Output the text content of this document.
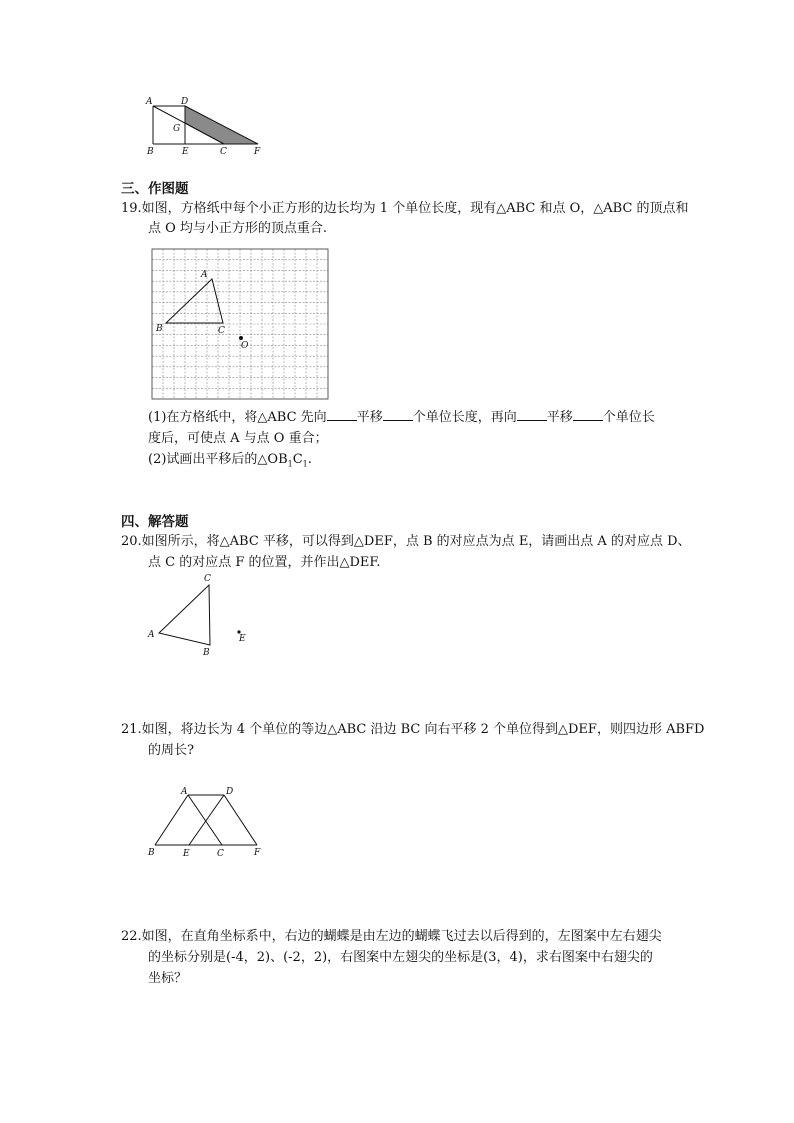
A	D
G
B	E	C	F
三、作图题
19.如图，方格纸中每个小正方形的边长均为 1 个单位长度，现有△ABC 和点 O，△ABC 的顶点和
点 O 均与小正方形的顶点重合.
A
B	C
O
(1)在方格纸中，将△ABC 先向 平移 个单位长度，再向 平移 个单位长
度后，可使点 A 与点 O 重合；
(2)试画出平移后的$\triangle OB_1C_1$.
四、解答题
20.如图所示，将△ABC 平移，可以得到△DEF，点 B 的对应点为点 E，请画出点 A 的对应点 D、
点 C 的对应点 F 的位置，并作出△DEF.
A
B
C
E
21.如图，将边长为 4 个单位的等边△ABC 沿边 BC 向右平移 2 个单位得到△DEF，则四边形 ABFD
的周长?
A	D
B	E	C	F
22.如图，在直角坐标系中，右边的蝴蝶是由左边的蝴蝶飞过去以后得到的，左图案中左右翅尖
的坐标分别是(-4，2)、(-2，2)，右图案中左翅尖的坐标是(3，4)，求右图案中右翅尖的
坐标？
